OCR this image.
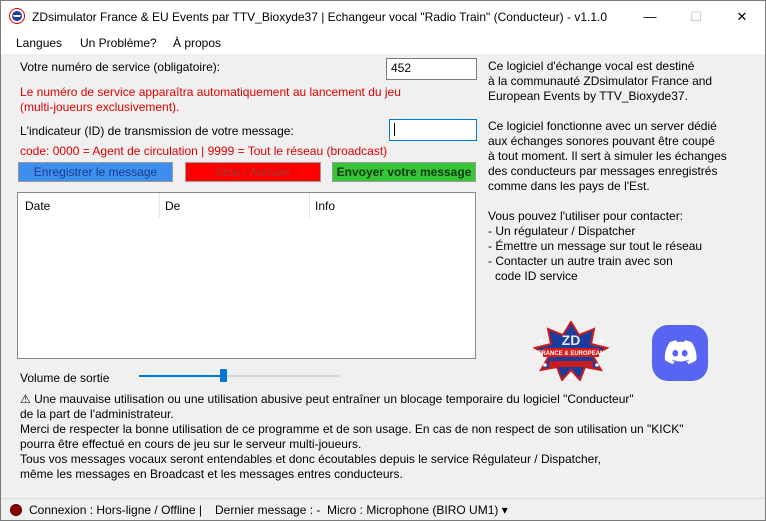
ZDsimulator France & EU Events par TTV_Bioxyde37 | Echangeur vocal "Radio Train" (Conducteur) - v1.1.0	—	☐	✕
Langues Un Problème? À propos
Votre numéro de service (obligatoire):	452
Le numéro de service apparaîtra automatiquement au lancement du jeu
(multi-joueurs exclusivement).
L'indicateur (ID) de transmission de votre message:
code: 0000 = Agent de circulation | 9999 = Tout le réseau (broadcast)
Enregistrer le message	Stop / Annuler	Envoyer votre message
Date	De	Info
Ce logiciel d'échange vocal est destiné
à la communauté ZDsimulator France and
European Events by TTV_Bioxyde37.
Ce logiciel fonctionne avec un server dédié
aux échanges sonores pouvant être coupé
à tout moment. Il sert à simuler les échanges
des conducteurs par messages enregistrés
comme dans les pays de l'Est.
Vous pouvez l'utiliser pour contacter:
- Un régulateur / Dispatcher
- Émettre un message sur tout le réseau
- Contacter un autre train avec son
code ID service
FRANCE & EUROPEAN
ZD
Volume de sortie
⚠ Une mauvaise utilisation ou une utilisation abusive peut entraîner un blocage temporaire du logiciel "Conducteur"
de la part de l'administrateur.
Merci de respecter la bonne utilisation de ce programme et de son usage. En cas de non respect de son utilisation un "KICK"
pourra être effectué en cours de jeu sur le serveur multi-joueurs.
Tous vos messages vocaux seront entendables et donc écoutables depuis le service Régulateur / Dispatcher,
même les messages en Broadcast et les messages entres conducteurs.
Connexion : Hors-ligne / Offline | Dernier message : - Micro : Microphone (BIRO UM1) ▾
